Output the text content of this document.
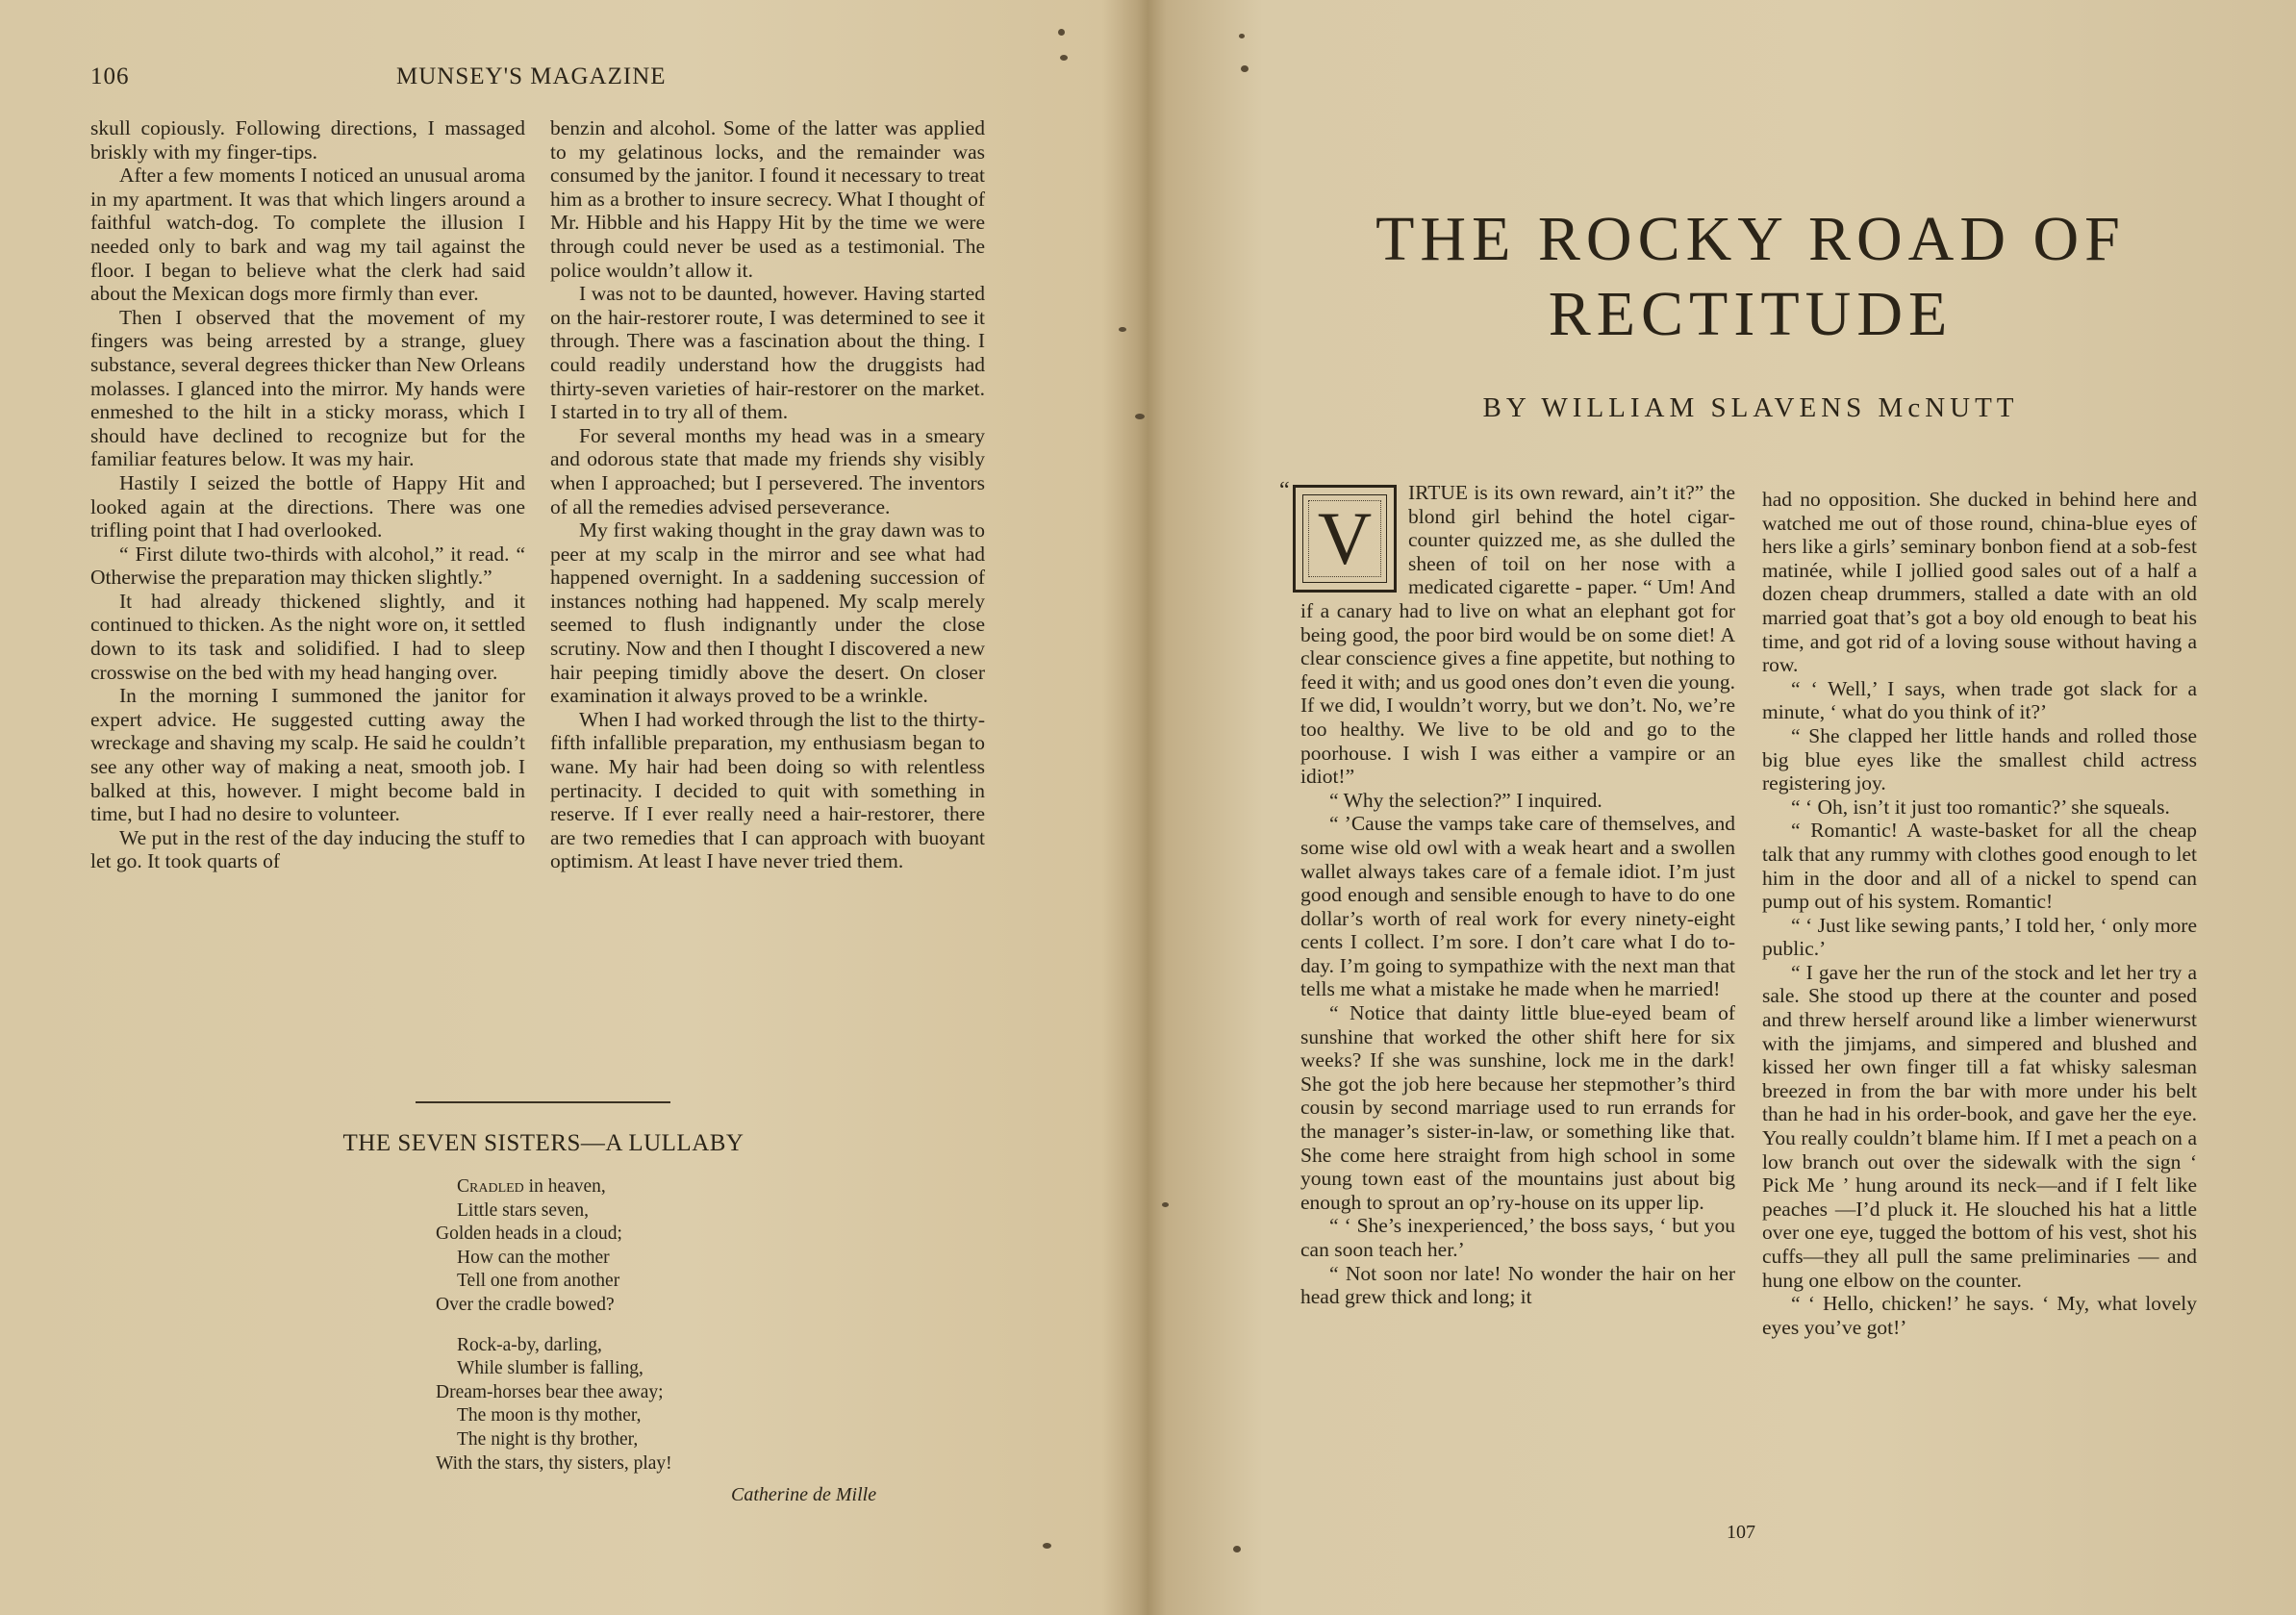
106	MUNSEY'S MAGAZINE

skull copiously. Following directions, I massaged briskly with my finger-tips.

After a few moments I noticed an unusual aroma in my apartment. It was that which lingers around a faithful watch-dog. To complete the illusion I needed only to bark and wag my tail against the floor. I began to believe what the clerk had said about the Mexican dogs more firmly than ever.

Then I observed that the movement of my fingers was being arrested by a strange, gluey substance, several degrees thicker than New Orleans molasses. I glanced into the mirror. My hands were enmeshed to the hilt in a sticky morass, which I should have declined to recognize but for the familiar features below. It was my hair.

Hastily I seized the bottle of Happy Hit and looked again at the directions. There was one trifling point that I had overlooked.

“ First dilute two-thirds with alcohol,” it read. “ Otherwise the preparation may thicken slightly.”

It had already thickened slightly, and it continued to thicken. As the night wore on, it settled down to its task and solidified. I had to sleep crosswise on the bed with my head hanging over.

In the morning I summoned the janitor for expert advice. He suggested cutting away the wreckage and shaving my scalp. He said he couldn’t see any other way of making a neat, smooth job. I balked at this, however. I might become bald in time, but I had no desire to volunteer.

We put in the rest of the day inducing the stuff to let go. It took quarts of

benzin and alcohol. Some of the latter was applied to my gelatinous locks, and the remainder was consumed by the janitor. I found it necessary to treat him as a brother to insure secrecy. What I thought of Mr. Hibble and his Happy Hit by the time we were through could never be used as a testimonial. The police wouldn’t allow it.

I was not to be daunted, however. Having started on the hair-restorer route, I was determined to see it through. There was a fascination about the thing. I could readily understand how the druggists had thirty-seven varieties of hair-restorer on the market. I started in to try all of them.

For several months my head was in a smeary and odorous state that made my friends shy visibly when I approached; but I persevered. The inventors of all the remedies advised perseverance.

My first waking thought in the gray dawn was to peer at my scalp in the mirror and see what had happened overnight. In a saddening succession of instances nothing had happened. My scalp merely seemed to flush indignantly under the close scrutiny. Now and then I thought I discovered a new hair peeping timidly above the desert. On closer examination it always proved to be a wrinkle.

When I had worked through the list to the thirty-fifth infallible preparation, my enthusiasm began to wane. My hair had been doing so with relentless pertinacity. I decided to quit with something in reserve. If I ever really need a hair-restorer, there are two remedies that I can approach with buoyant optimism. At least I have never tried them.

THE SEVEN SISTERS—A LULLABY
Cradled in heaven,
Little stars seven,
Golden heads in a cloud;
How can the mother
Tell one from another
Over the cradle bowed?
Rock-a-by, darling,
While slumber is falling,
Dream-horses bear thee away;
The moon is thy mother,
The night is thy brother,
With the stars, thy sisters, play!
Catherine de Mille
THE ROCKY ROAD OF
RECTITUDE
BY WILLIAM SLAVENS McNUTT

“
V
IRTUE is its own reward, ain’t it?” the blond girl behind the hotel cigar-counter quizzed me, as she dulled the sheen of toil on her nose with a medicated cigarette - paper. “ Um! And if a canary had to live on what an elephant got for being good, the poor bird would be on some diet! A clear conscience gives a fine appetite, but nothing to feed it with; and us good ones don’t even die young. If we did, I wouldn’t worry, but we don’t. No, we’re too healthy. We live to be old and go to the poorhouse. I wish I was either a vampire or an idiot!”

“ Why the selection?” I inquired.

“ ’Cause the vamps take care of themselves, and some wise old owl with a weak heart and a swollen wallet always takes care of a female idiot. I’m just good enough and sensible enough to have to do one dollar’s worth of real work for every ninety-eight cents I collect. I’m sore. I don’t care what I do to-day. I’m going to sympathize with the next man that tells me what a mistake he made when he married!

“ Notice that dainty little blue-eyed beam of sunshine that worked the other shift here for six weeks? If she was sunshine, lock me in the dark! She got the job here because her stepmother’s third cousin by second marriage used to run errands for the manager’s sister-in-law, or something like that. She come here straight from high school in some young town east of the mountains just about big enough to sprout an op’ry-house on its upper lip.

“ ‘ She’s inexperienced,’ the boss says, ‘ but you can soon teach her.’

“ Not soon nor late! No wonder the hair on her head grew thick and long; it

had no opposition. She ducked in behind here and watched me out of those round, china-blue eyes of hers like a girls’ seminary bonbon fiend at a sob-fest matinée, while I jollied good sales out of a half a dozen cheap drummers, stalled a date with an old married goat that’s got a boy old enough to beat his time, and got rid of a loving souse without having a row.

“ ‘ Well,’ I says, when trade got slack for a minute, ‘ what do you think of it?’

“ She clapped her little hands and rolled those big blue eyes like the smallest child actress registering joy.

“ ‘ Oh, isn’t it just too romantic?’ she squeals.

“ Romantic! A waste-basket for all the cheap talk that any rummy with clothes good enough to let him in the door and all of a nickel to spend can pump out of his system. Romantic!

“ ‘ Just like sewing pants,’ I told her, ‘ only more public.’

“ I gave her the run of the stock and let her try a sale. She stood up there at the counter and posed and threw herself around like a limber wienerwurst with the jimjams, and simpered and blushed and kissed her own finger till a fat whisky salesman breezed in from the bar with more under his belt than he had in his order-book, and gave her the eye. You really couldn’t blame him. If I met a peach on a low branch out over the sidewalk with the sign ‘ Pick Me ’ hung around its neck—and if I felt like peaches —I’d pluck it. He slouched his hat a little over one eye, tugged the bottom of his vest, shot his cuffs—they all pull the same preliminaries — and hung one elbow on the counter.

“ ‘ Hello, chicken!’ he says. ‘ My, what lovely eyes you’ve got!’

107
